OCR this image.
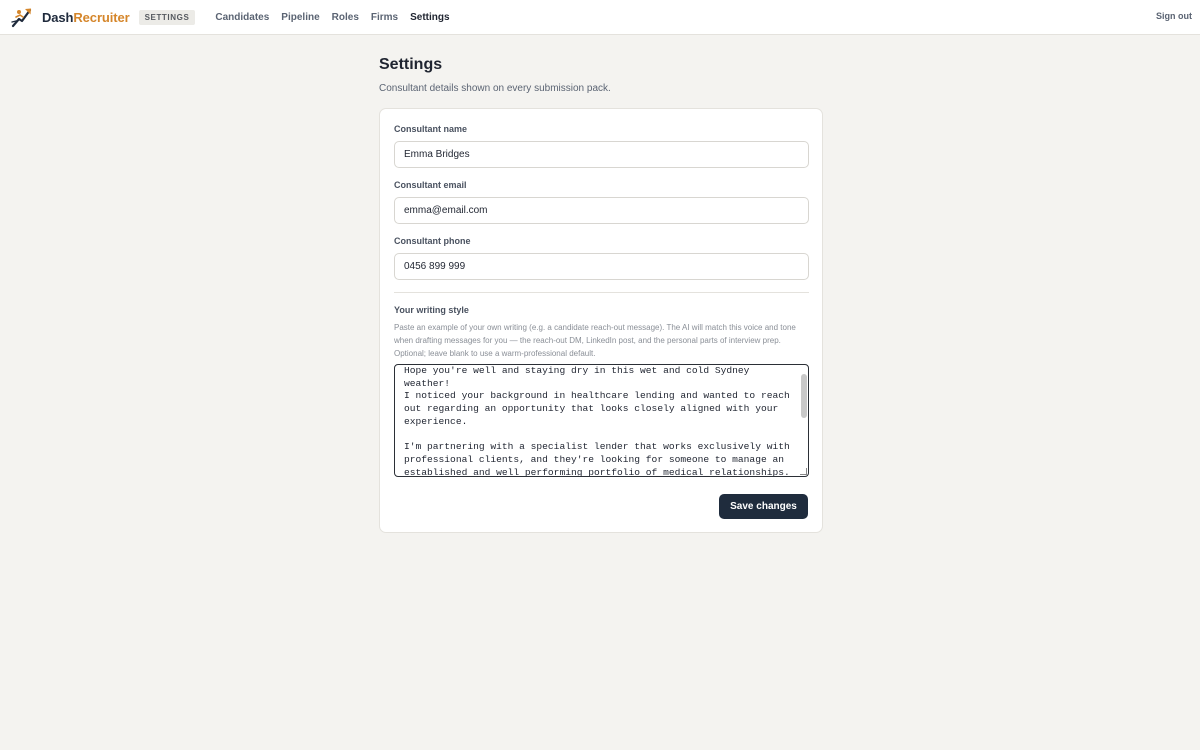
DashRecruiter	SETTINGS	Candidates Pipeline Roles Firms Settings	Sign out
Settings

Consultant details shown on every submission pack.

Consultant name
Emma Bridges
Consultant email
emma@email.com
Consultant phone
0456 899 999
Your writing style

Paste an example of your own writing (e.g. a candidate reach-out message). The AI will match this voice and tone when drafting messages for you — the reach-out DM, LinkedIn post, and the personal parts of interview prep. Optional; leave blank to use a warm-professional default.

Hope you're well and staying dry in this wet and cold Sydney weather! I noticed your background in healthcare lending and wanted to reach out regarding an opportunity that looks closely aligned with your experience. I'm partnering with a specialist lender that works exclusively with professional clients, and they're looking for someone to manage an established and well performing portfolio of medical relationships. The role would suit someone who enjoys being a trusted finance partner —
Save changes
